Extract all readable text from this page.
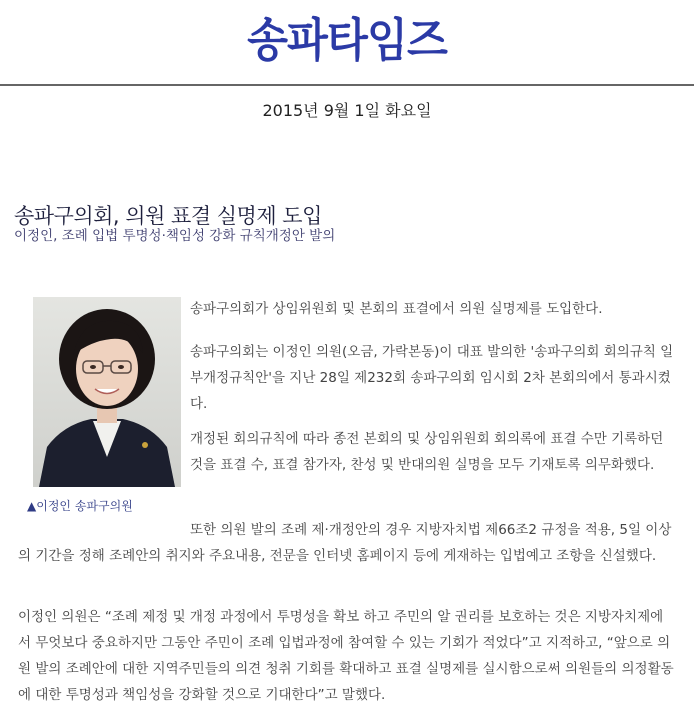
송파타임즈
2015년 9월 1일 화요일
송파구의회, 의원 표결 실명제 도입
이정인, 조례 입법 투명성·책임성 강화 규칙개정안 발의
▲이정인 송파구의원

송파구의회가 상임위원회 및 본회의 표결에서 의원 실명제를 도입한다.

송파구의회는 이정인 의원(오금, 가락본동)이 대표 발의한 '송파구의회 회의규칙 일부개정규칙안'을 지난 28일 제232회 송파구의회 임시회 2차 본회의에서 통과시켰다.

개정된 회의규칙에 따라 종전 본회의 및 상임위원회 회의록에 표결 수만 기록하던 것을 표결 수, 표결 참가자, 찬성 및 반대의원 실명을 모두 기재토록 의무화했다.

또한 의원 발의 조례 제·개정안의 경우 지방자치법 제66조2 규정을 적용, 5일 이상의 기간을 정해 조례안의 취지와 주요내용, 전문을 인터넷 홈페이지 등에 게재하는 입법예고 조항을 신설했다.

이정인 의원은 “조례 제정 및 개정 과정에서 투명성을 확보 하고 주민의 알 권리를 보호하는 것은 지방자치제에서 무엇보다 중요하지만 그동안 주민이 조례 입법과정에 참여할 수 있는 기회가 적었다”고 지적하고, “앞으로 의원 발의 조례안에 대한 지역주민들의 의견 청취 기회를 확대하고 표결 실명제를 실시함으로써 의원들의 의정활동에 대한 투명성과 책임성을 강화할 것으로 기대한다”고 말했다.
